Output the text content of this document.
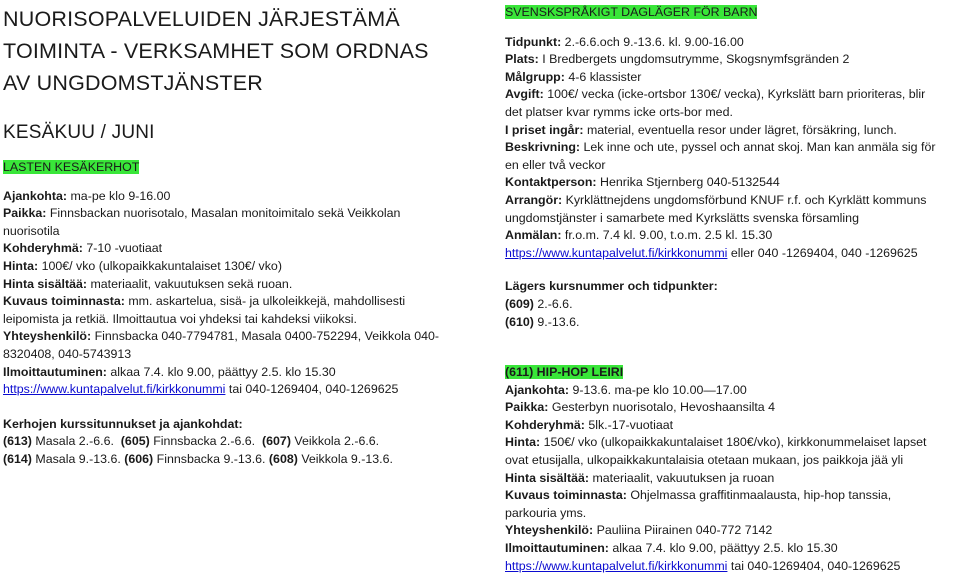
NUORISOPALVELUIDEN JÄRJESTÄMÄ
TOIMINTA - VERKSAMHET SOM ORDNAS
AV UNGDOMSTJÄNSTER
KESÄKUU / JUNI
LASTEN KESÄKERHOT

Ajankohta: ma-pe klo 9-16.00

Paikka: Finnsbackan nuorisotalo, Masalan monitoimitalo sekä Veikkolan
nuorisotila

Kohderyhmä: 7-10 -vuotiaat

Hinta: 100€/ vko (ulkopaikkakuntalaiset 130€/ vko)

Hinta sisältää: materiaalit, vakuutuksen sekä ruoan.

Kuvaus toiminnasta: mm. askartelua, sisä- ja ulkoleikkejä, mahdollisesti
leipomista ja retkiä. Ilmoittautua voi yhdeksi tai kahdeksi viikoksi.

Yhteyshenkilö: Finnsbacka 040-7794781, Masala 0400-752294, Veikkola 040-
8320408, 040-5743913

Ilmoittautuminen: alkaa 7.4. klo 9.00, päättyy 2.5. klo 15.30

https://www.kuntapalvelut.fi/kirkkonummi tai 040-1269404, 040-1269625

Kerhojen kurssitunnukset ja ajankohdat:

(613) Masala 2.-6.6. (605) Finnsbacka 2.-6.6. (607) Veikkola 2.-6.6.

(614) Masala 9.-13.6. (606) Finnsbacka 9.-13.6. (608) Veikkola 9.-13.6.

SVENSKSPRÅKIGT DAGLÄGER FÖR BARN

Tidpunkt: 2.-6.6.och 9.-13.6. kl. 9.00-16.00

Plats: I Bredbergets ungdomsutrymme, Skogsnymfsgränden 2

Målgrupp: 4-6 klassister

Avgift: 100€/ vecka (icke-ortsbor 130€/ vecka), Kyrkslätt barn prioriteras, blir
det platser kvar rymms icke orts-bor med.

I priset ingår: material, eventuella resor under lägret, försäkring, lunch.

Beskrivning: Lek inne och ute, pyssel och annat skoj. Man kan anmäla sig för
en eller två veckor

Kontaktperson: Henrika Stjernberg 040-5132544

Arrangör: Kyrklättnejdens ungdomsförbund KNUF r.f. och Kyrklätt kommuns
ungdomstjänster i samarbete med Kyrkslätts svenska församling

Anmälan: fr.o.m. 7.4 kl. 9.00, t.o.m. 2.5 kl. 15.30

https://www.kuntapalvelut.fi/kirkkonummi eller 040 -1269404, 040 -1269625

Lägers kursnummer och tidpunkter:

(609) 2.-6.6.

(610) 9.-13.6.

(611) HIP-HOP LEIRI

Ajankohta: 9-13.6. ma-pe klo 10.00—17.00

Paikka: Gesterbyn nuorisotalo, Hevoshaansilta 4

Kohderyhmä: 5lk.-17-vuotiaat

Hinta: 150€/ vko (ulkopaikkakuntalaiset 180€/vko), kirkkonummelaiset lapset
ovat etusijalla, ulkopaikkakuntalaisia otetaan mukaan, jos paikkoja jää yli

Hinta sisältää: materiaalit, vakuutuksen ja ruoan

Kuvaus toiminnasta: Ohjelmassa graffitinmaalausta, hip-hop tanssia,
parkouria yms.

Yhteyshenkilö: Pauliina Piirainen 040-772 7142

Ilmoittautuminen: alkaa 7.4. klo 9.00, päättyy 2.5. klo 15.30

https://www.kuntapalvelut.fi/kirkkonummi tai 040-1269404, 040-1269625
